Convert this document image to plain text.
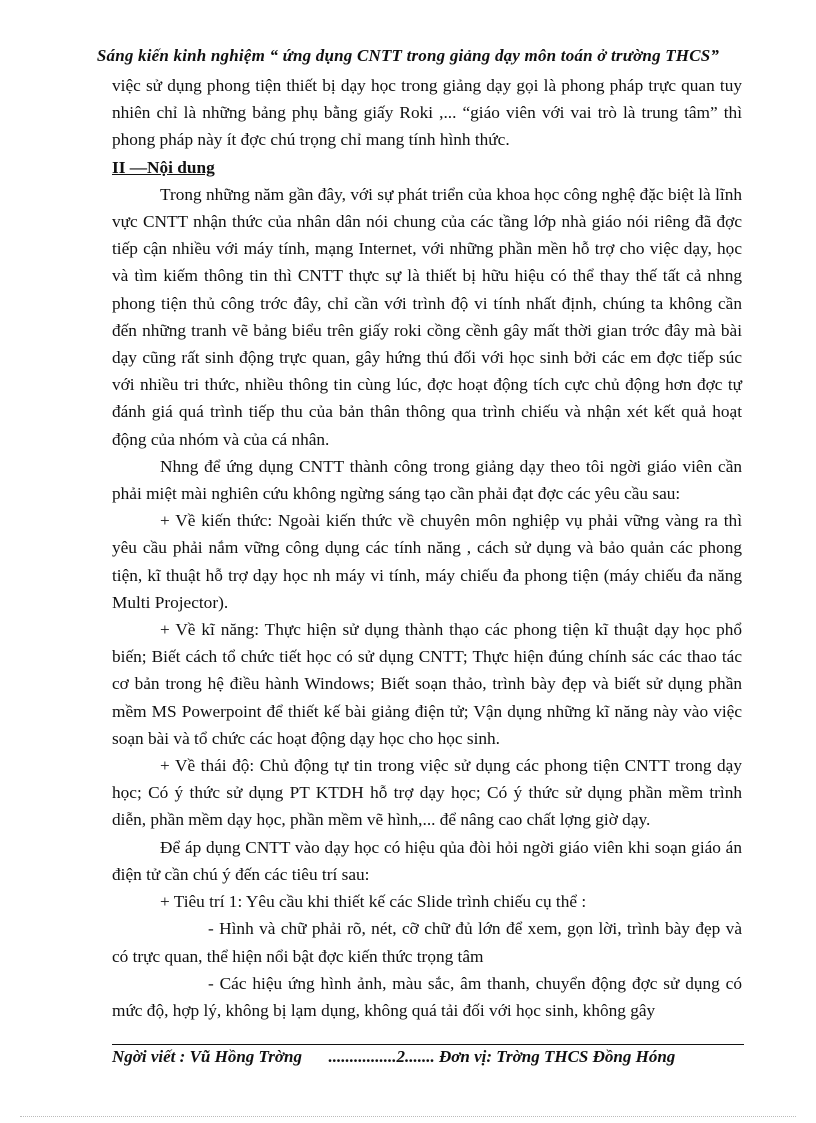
Sáng kiến kinh nghiệm “ ứng dụng CNTT trong giảng dạy môn toán ở trường THCS”

việc sử dụng phong tiện thiết bị dạy học trong giảng dạy gọi là phong pháp trực quan tuy nhiên chỉ là những bảng phụ bằng giấy Roki ,... “giáo viên với vai trò là trung tâm” thì phong pháp này ít đợc chú trọng chỉ mang tính hình thức.

II —Nội dung

Trong những năm gần đây, với sự phát triển của khoa học công nghệ đặc biệt là lĩnh vực CNTT nhận thức của nhân dân nói chung của các tầng lớp nhà giáo nói riêng đã đợc tiếp cận nhiều với máy tính, mạng Internet, với những phần mền hỗ trợ cho việc dạy, học và tìm kiếm thông tin thì CNTT thực sự là thiết bị hữu hiệu có thể thay thế tất cả nhng phong tiện thủ công trớc đây, chỉ cần với trình độ vi tính nhất định, chúng ta không cần đến những tranh vẽ bảng biểu trên giấy roki cồng cềnh gây mất thời gian trớc đây mà bài dạy cũng rất sinh động trực quan, gây hứng thú đối với học sinh bởi các em đợc tiếp súc với nhiều tri thức, nhiều thông tin cùng lúc, đợc hoạt động tích cực chủ động hơn đợc tự đánh giá quá trình tiếp thu của bản thân thông qua trình chiếu và nhận xét kết quả hoạt động của nhóm và của cá nhân.

Nhng để ứng dụng CNTT thành công trong giảng dạy theo tôi ngời giáo viên cần phải miệt mài nghiên cứu không ngừng sáng tạo cần phải đạt đợc các yêu cầu sau:

+ Về kiến thức: Ngoài kiến thức về chuyên môn nghiệp vụ phải vững vàng ra thì yêu cầu phải nắm vững công dụng các tính năng , cách sử dụng và bảo quản các phong tiện, kĩ thuật hỗ trợ dạy học nh máy vi tính, máy chiếu đa phong tiện (máy chiếu đa năng Multi Projector).

+ Về kĩ năng: Thực hiện sử dụng thành thạo các phong tiện kĩ thuật dạy học phổ biến; Biết cách tổ chức tiết học có sử dụng CNTT; Thực hiện đúng chính sác các thao tác cơ bản trong hệ điều hành Windows; Biết soạn thảo, trình bày đẹp và biết sử dụng phần mềm MS Powerpoint để thiết kế bài giảng điện tử; Vận dụng những kĩ năng này vào việc soạn bài và tổ chức các hoạt động dạy học cho học sinh.

+ Về thái độ: Chủ động tự tin trong việc sử dụng các phong tiện CNTT trong dạy học; Có ý thức sử dụng PT KTDH hỗ trợ dạy học; Có ý thức sử dụng phần mềm trình diễn, phần mềm dạy học, phần mềm vẽ hình,... để nâng cao chất lợng giờ dạy.

Để áp dụng CNTT vào dạy học có hiệu qủa đòi hỏi ngời giáo viên khi soạn giáo án điện tử cần chú ý đến các tiêu trí sau:

+ Tiêu trí 1: Yêu cầu khi thiết kế các Slide trình chiếu cụ thể :

- Hình và chữ phải rõ, nét, cỡ chữ đủ lớn để xem, gọn lời, trình bày đẹp và có trực quan, thể hiện nổi bật đợc kiến thức trọng tâm

- Các hiệu ứng hình ảnh, màu sắc, âm thanh, chuyển động đợc sử dụng có mức độ, hợp lý, không bị lạm dụng, không quá tải đối với học sinh, không gây

Ngời viết : Vũ Hồng Trờng ................2....... Đơn vị: Trờng THCS Đồng Hóng
